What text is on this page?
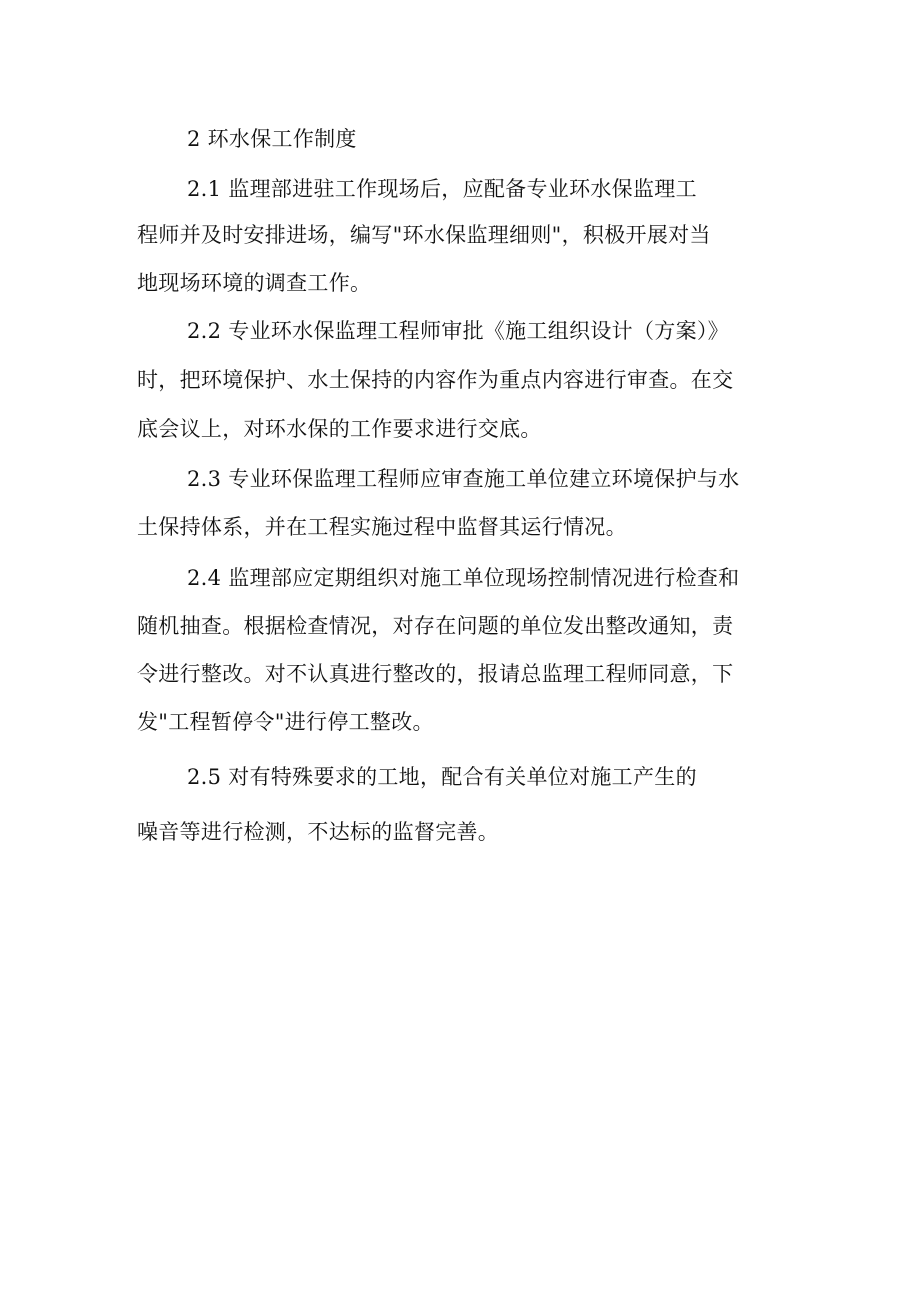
2 环水保工作制度
2.1 监理部进驻工作现场后，应配备专业环水保监理工
程师并及时安排进场，编写"环水保监理细则"，积极开展对当
地现场环境的调查工作。
2.2 专业环水保监理工程师审批《施工组织设计（方案）》
时，把环境保护、水土保持的内容作为重点内容进行审查。在交
底会议上，对环水保的工作要求进行交底。
2.3 专业环保监理工程师应审查施工单位建立环境保护与水
土保持体系，并在工程实施过程中监督其运行情况。
2.4 监理部应定期组织对施工单位现场控制情况进行检查和
随机抽查。根据检查情况，对存在问题的单位发出整改通知，责
令进行整改。对不认真进行整改的，报请总监理工程师同意，下
发"工程暂停令"进行停工整改。
2.5 对有特殊要求的工地，配合有关单位对施工产生的
噪音等进行检测，不达标的监督完善。
